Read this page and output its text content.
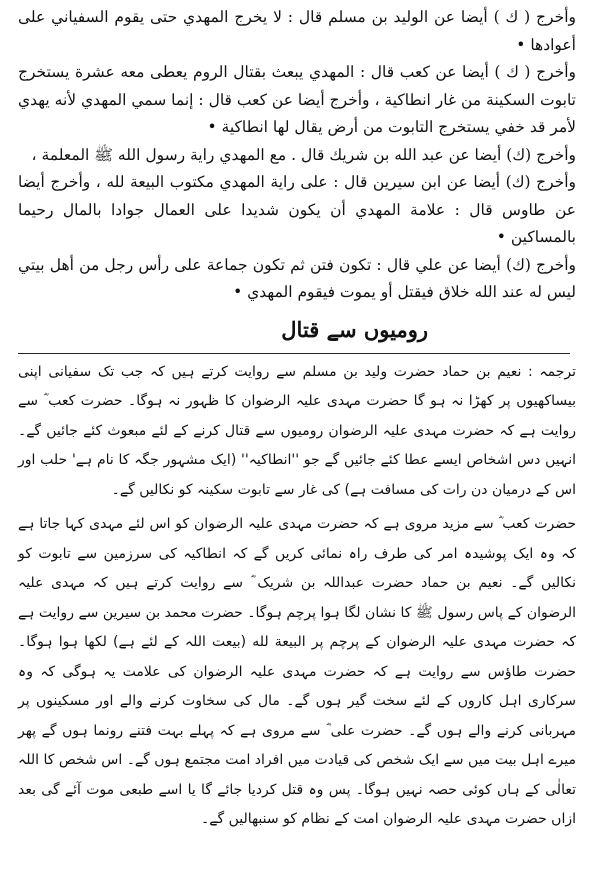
وأخرج ( ك ) أيضا عن الوليد بن مسلم قال : لا يخرج المهدي حتى يقوم السفياني على أعوادها •

وأخرج ( ك ) أيضا عن كعب قال : المهدي يبعث بقتال الروم يعطى معه عشرة يستخرج تابوت السكينة من غار انطاكية ، وأخرج أيضا عن كعب قال : إنما سمي المهدي لأنه يهدي لأمر قد خفي يستخرج التابوت من أرض يقال لها انطاكية •

وأخرج (ك) أيضا عن عبد الله بن شريك قال . مع المهدي راية رسول الله ﷺ المعلمة ،

وأخرج (ك) أيضا عن ابن سيرين قال : على راية المهدي مكتوب البيعة لله ، وأخرج أيضا عن طاوس قال : علامة المهدي أن يكون شديدا على العمال جوادا بالمال رحيما بالمساكين •

وأخرج (ك) أيضا عن علي قال : تكون فتن ثم تكون جماعة على رأس رجل من أهل بيتي ليس له عند الله خلاق فيقتل أو يموت فيقوم المهدي •

رومیوں سے قتال

ترجمہ : نعیم بن حماد حضرت ولید بن مسلم سے روایت کرتے ہیں کہ جب تک سفیانی اپنی بیساکھیوں پر کھڑا نہ ہو گا حضرت مہدی علیہ الرضوان کا ظہور نہ ہوگا۔ حضرت کعب ؓ سے روایت ہے کہ حضرت مہدی علیہ الرضوان رومیوں سے قتال کرنے کے لئے مبعوث کئے جائیں گے۔ انہیں دس اشخاص ایسے عطا کئے جائیں گے جو ''انطاکیہ'' (ایک مشہور جگہ کا نام ہے' حلب اور اس کے درمیان دن رات کی مسافت ہے) کی غار سے تابوت سکینہ کو نکالیں گے۔

حضرت کعب ؓ سے مزید مروی ہے کہ حضرت مہدی علیہ الرضوان کو اس لئے مہدی کہا جاتا ہے کہ وہ ایک پوشیدہ امر کی طرف راہ نمائی کریں گے کہ انطاکیہ کی سرزمین سے تابوت کو نکالیں گے۔ نعیم بن حماد حضرت عبداللہ بن شریک ؓ سے روایت کرتے ہیں کہ مہدی علیہ الرضوان کے پاس رسول ﷺ کا نشان لگا ہوا پرچم ہوگا۔ حضرت محمد بن سیرین سے روایت ہے کہ حضرت مہدی علیہ الرضوان کے پرچم پر البیعة لله (بیعت اللہ کے لئے ہے) لکھا ہوا ہوگا۔ حضرت طاؤس سے روایت ہے کہ حضرت مہدی علیہ الرضوان کی علامت یہ ہوگی کہ وہ سرکاری اہل کاروں کے لئے سخت گیر ہوں گے۔ مال کی سخاوت کرنے والے اور مسکینوں پر مہربانی کرنے والے ہوں گے۔ حضرت علی ؓ سے مروی ہے کہ پہلے بہت فتنے رونما ہوں گے پھر میرے اہل بیت میں سے ایک شخص کی قیادت میں افراد امت مجتمع ہوں گے۔ اس شخص کا اللہ تعالٰی کے ہاں کوئی حصہ نہیں ہوگا۔ پس وہ قتل کردیا جائے گا یا اسے طبعی موت آئے گی بعد ازاں حضرت مہدی علیہ الرضوان امت کے نظام کو سنبھالیں گے۔
